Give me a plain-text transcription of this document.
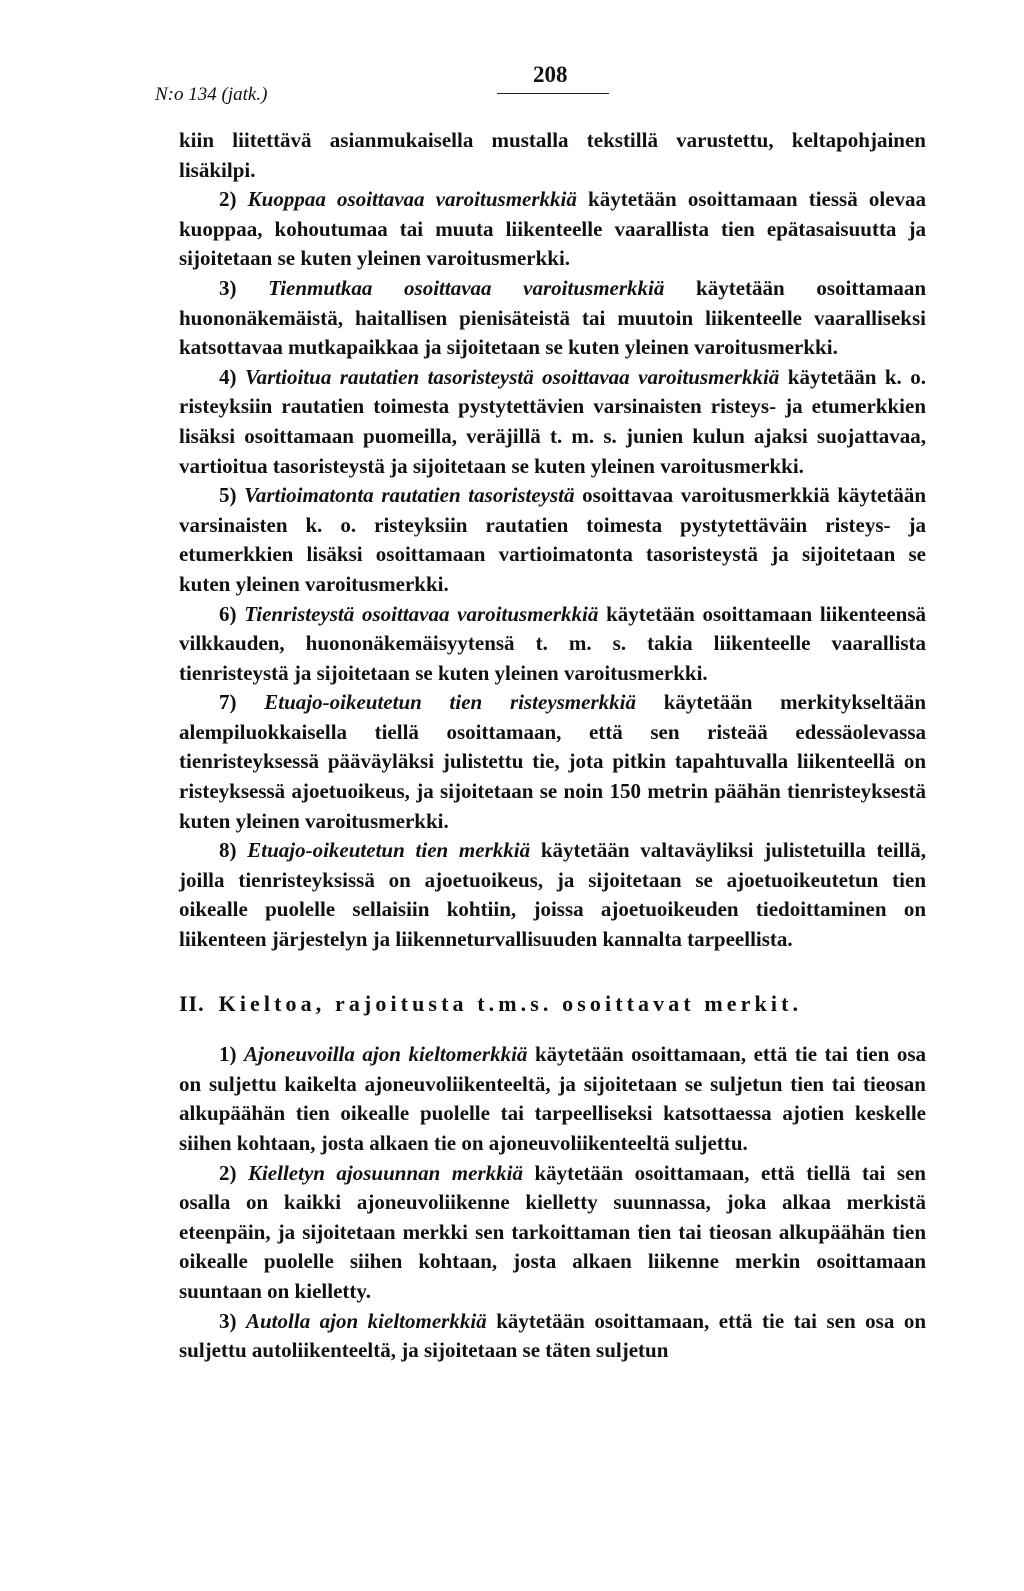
N:o 134 (jatk.)
208

kiin liitettävä asianmukaisella mustalla tekstillä varustettu, keltapohjainen lisäkilpi.

2) Kuoppaa osoittavaa varoitusmerkkiä käytetään osoittamaan tiessä olevaa kuoppaa, kohoutumaa tai muuta liikenteelle vaarallista tien epätasaisuutta ja sijoitetaan se kuten yleinen varoitusmerkki.

3) Tienmutkaa osoittavaa varoitusmerkkiä käytetään osoittamaan huononäkemäistä, haitallisen pienisäteistä tai muutoin liikenteelle vaaralliseksi katsottavaa mutkapaikkaa ja sijoitetaan se kuten yleinen varoitusmerkki.

4) Vartioitua rautatien tasoristeystä osoittavaa varoitusmerkkiä käytetään k. o. risteyksiin rautatien toimesta pystytettävien varsinaisten risteys- ja etumerkkien lisäksi osoittamaan puomeilla, veräjillä t. m. s. junien kulun ajaksi suojattavaa, vartioitua tasoristeystä ja sijoitetaan se kuten yleinen varoitusmerkki.

5) Vartioimatonta rautatien tasoristeystä osoittavaa varoitusmerkkiä käytetään varsinaisten k. o. risteyksiin rautatien toimesta pystytettäväin risteys- ja etumerkkien lisäksi osoittamaan vartioimatonta tasoristeystä ja sijoitetaan se kuten yleinen varoitusmerkki.

6) Tienristeystä osoittavaa varoitusmerkkiä käytetään osoittamaan liikenteensä vilkkauden, huononäkemäisyytensä t. m. s. takia liikenteelle vaarallista tienristeystä ja sijoitetaan se kuten yleinen varoitusmerkki.

7) Etuajo-oikeutetun tien risteysmerkkiä käytetään merkitykseltään alempiluokkaisella tiellä osoittamaan, että sen risteää edessäolevassa tienristeyksessä pääväyläksi julistettu tie, jota pitkin tapahtuvalla liikenteellä on risteyksessä ajoetuoikeus, ja sijoitetaan se noin 150 metrin päähän tienristeyksestä kuten yleinen varoitusmerkki.

8) Etuajo-oikeutetun tien merkkiä käytetään valtaväyliksi julistetuilla teillä, joilla tienristeyksissä on ajoetuoikeus, ja sijoitetaan se ajoetuoikeutetun tien oikealle puolelle sellaisiin kohtiin, joissa ajoetuoikeuden tiedoittaminen on liikenteen järjestelyn ja liikenneturvallisuuden kannalta tarpeellista.

II. Kieltoa, rajoitusta t.m.s. osoittavat merkit.

1) Ajoneuvoilla ajon kieltomerkkiä käytetään osoittamaan, että tie tai tien osa on suljettu kaikelta ajoneuvoliikenteeltä, ja sijoitetaan se suljetun tien tai tieosan alkupäähän tien oikealle puolelle tai tarpeelliseksi katsottaessa ajotien keskelle siihen kohtaan, josta alkaen tie on ajoneuvoliikenteeltä suljettu.

2) Kielletyn ajosuunnan merkkiä käytetään osoittamaan, että tiellä tai sen osalla on kaikki ajoneuvoliikenne kielletty suunnassa, joka alkaa merkistä eteenpäin, ja sijoitetaan merkki sen tarkoittaman tien tai tieosan alkupäähän tien oikealle puolelle siihen kohtaan, josta alkaen liikenne merkin osoittamaan suuntaan on kielletty.

3) Autolla ajon kieltomerkkiä käytetään osoittamaan, että tie tai sen osa on suljettu autoliikenteeltä, ja sijoitetaan se täten suljetun
